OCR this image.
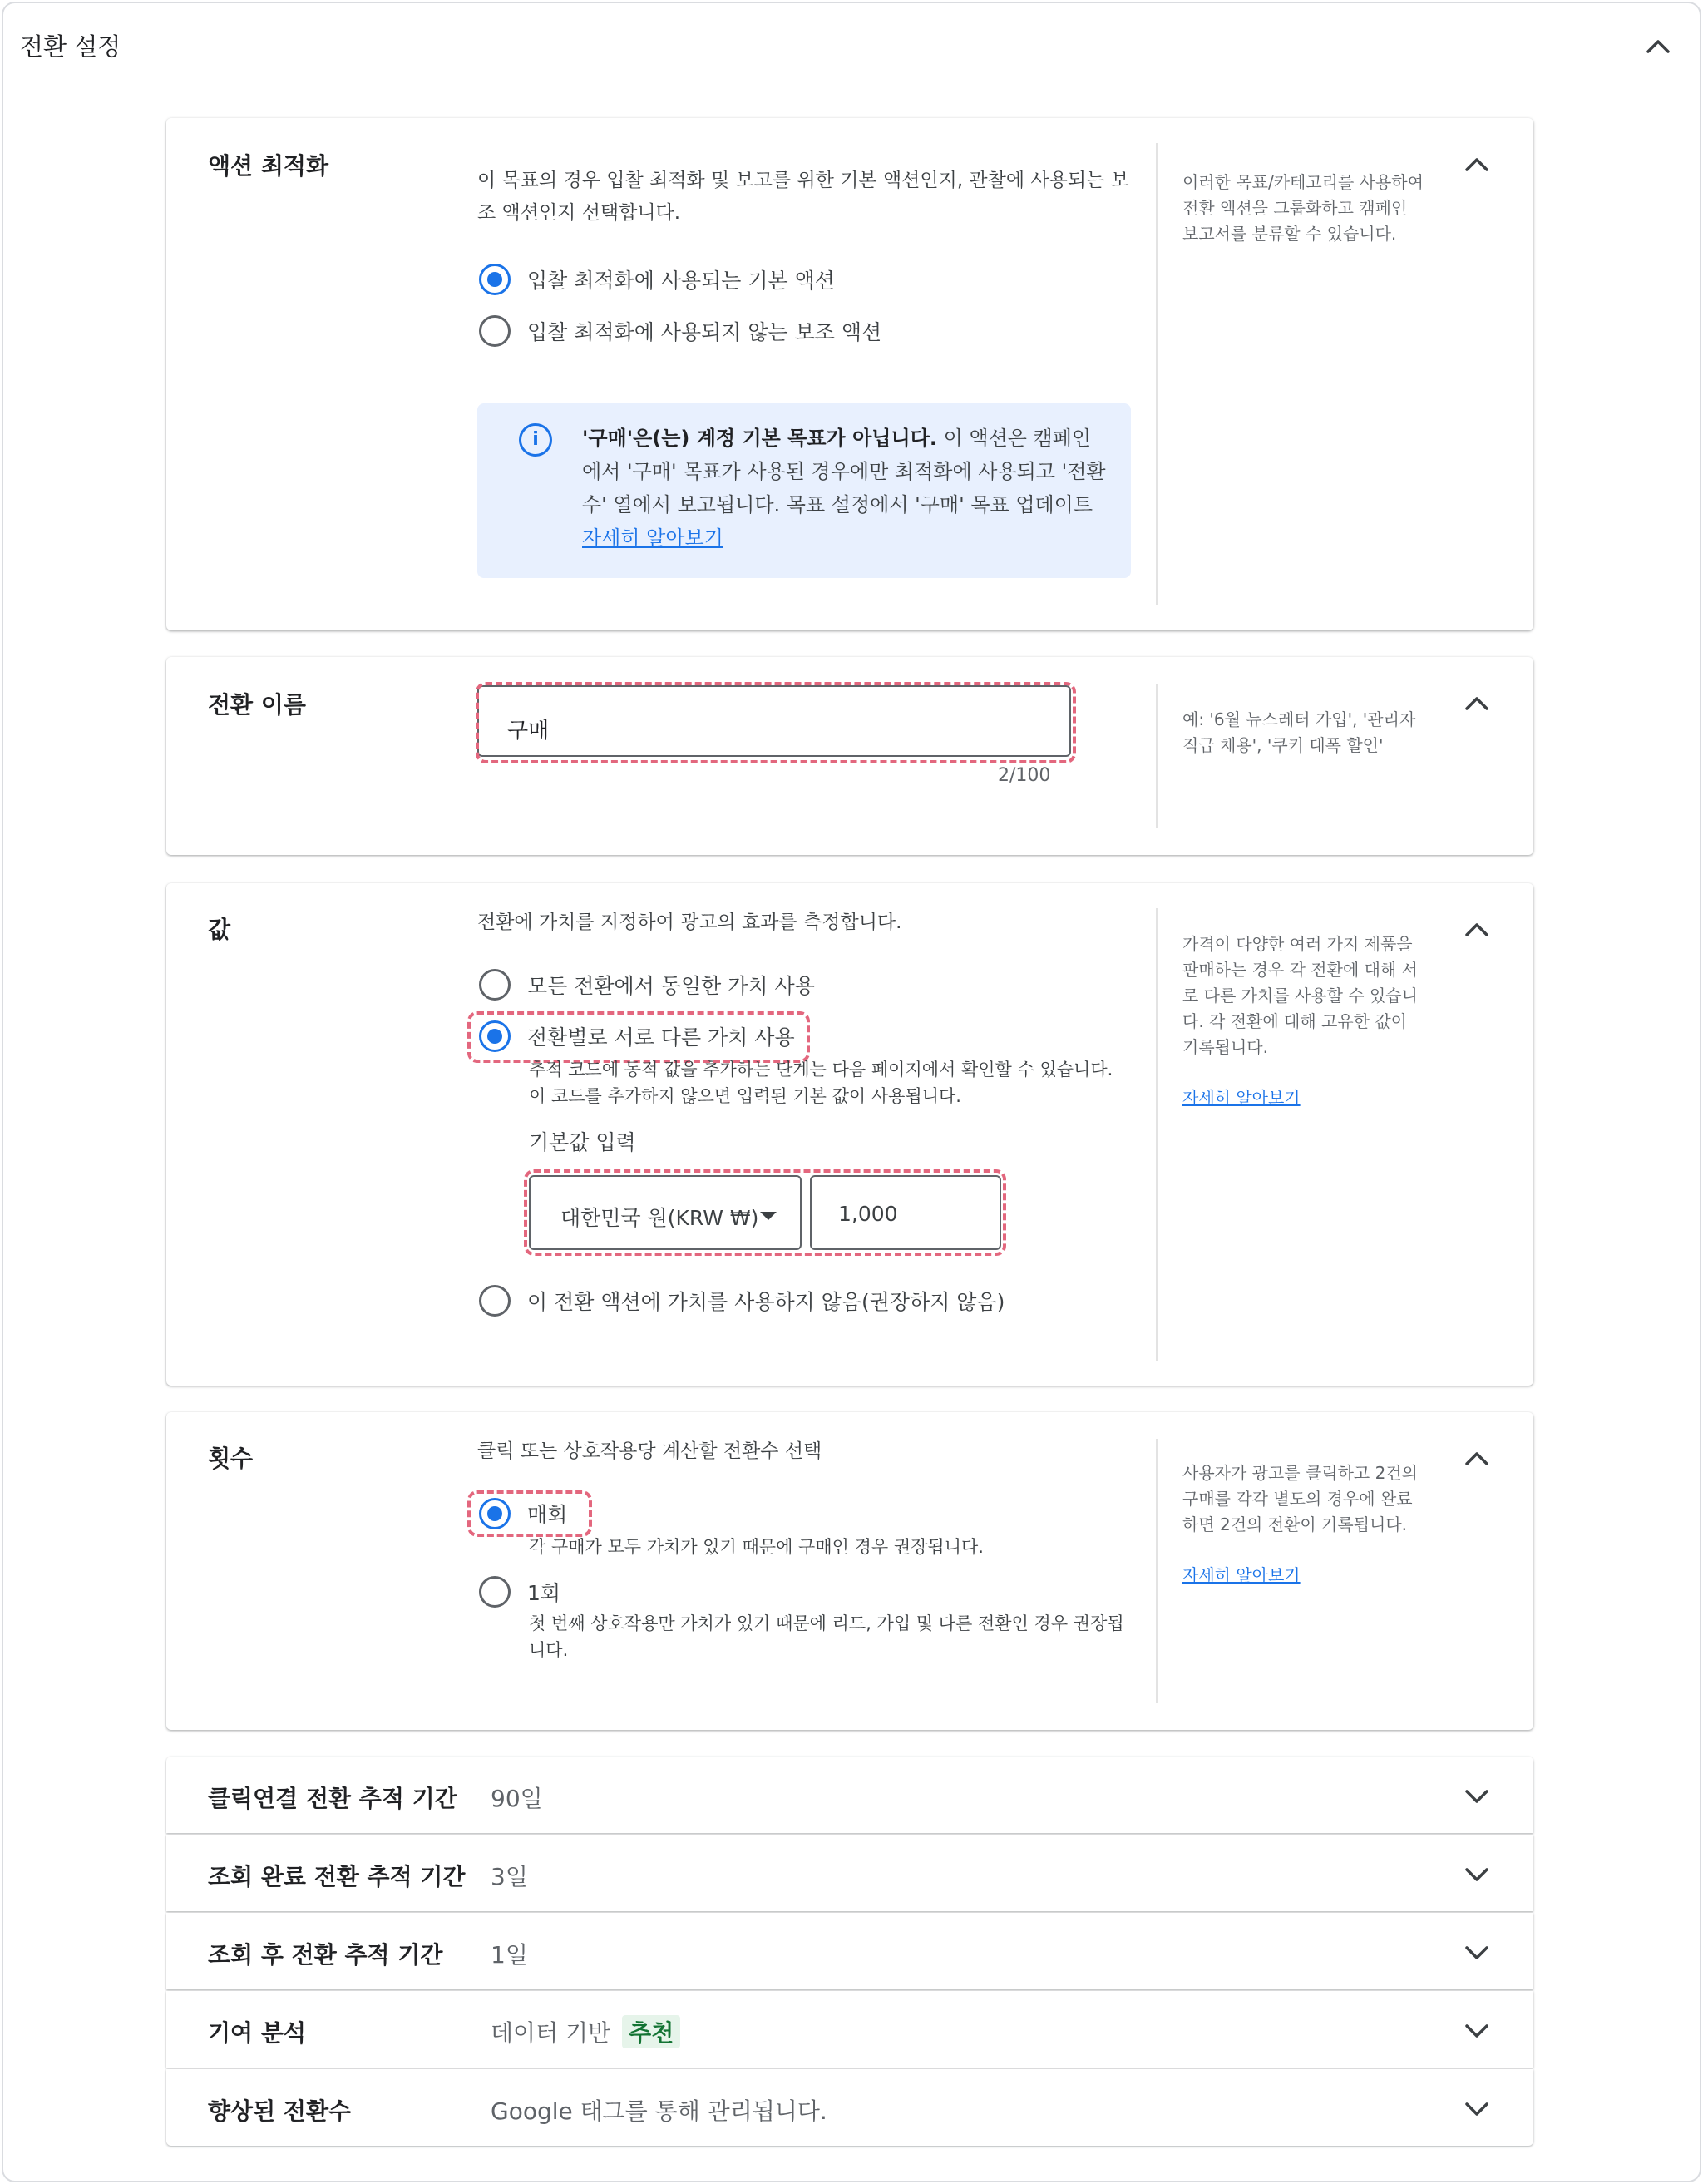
전환 설정
액션 최적화
이 목표의 경우 입찰 최적화 및 보고를 위한 기본 액션인지, 관찰에 사용되는 보조 액션인지 선택합니다.
입찰 최적화에 사용되는 기본 액션
입찰 최적화에 사용되지 않는 보조 액션
i	'구매'은(는) 계정 기본 목표가 아닙니다. 이 액션은 캠페인에서 '구매' 목표가 사용된 경우에만 최적화에 사용되고 '전환수' 열에서 보고됩니다. 목표 설정에서 '구매' 목표 업데이트 자세히 알아보기
이러한 목표/카테고리를 사용하여 전환 액션을 그룹화하고 캠페인 보고서를 분류할 수 있습니다.
전환 이름
구매
2/100
예: '6월 뉴스레터 가입', '관리자 직급 채용', '쿠키 대폭 할인'
값	전환에 가치를 지정하여 광고의 효과를 측정합니다.
모든 전환에서 동일한 가치 사용
전환별로 서로 다른 가치 사용
추적 코드에 동적 값을 추가하는 단계는 다음 페이지에서 확인할 수 있습니다. 이 코드를 추가하지 않으면 입력된 기본 값이 사용됩니다.
기본값 입력
대한민국 원(KRW ₩)	1,000
이 전환 액션에 가치를 사용하지 않음(권장하지 않음)
가격이 다양한 여러 가지 제품을 판매하는 경우 각 전환에 대해 서로 다른 가치를 사용할 수 있습니다. 각 전환에 대해 고유한 값이 기록됩니다.
자세히 알아보기
횟수	클릭 또는 상호작용당 계산할 전환수 선택
매회
각 구매가 모두 가치가 있기 때문에 구매인 경우 권장됩니다.
1회
첫 번째 상호작용만 가치가 있기 때문에 리드, 가입 및 다른 전환인 경우 권장됩니다.
사용자가 광고를 클릭하고 2건의 구매를 각각 별도의 경우에 완료하면 2건의 전환이 기록됩니다.
자세히 알아보기
클릭연결 전환 추적 기간 90일
조회 완료 전환 추적 기간 3일
조회 후 전환 추적 기간 1일
기여 분석	데이터 기반 추천
향상된 전환수	Google 태그를 통해 관리됩니다.
